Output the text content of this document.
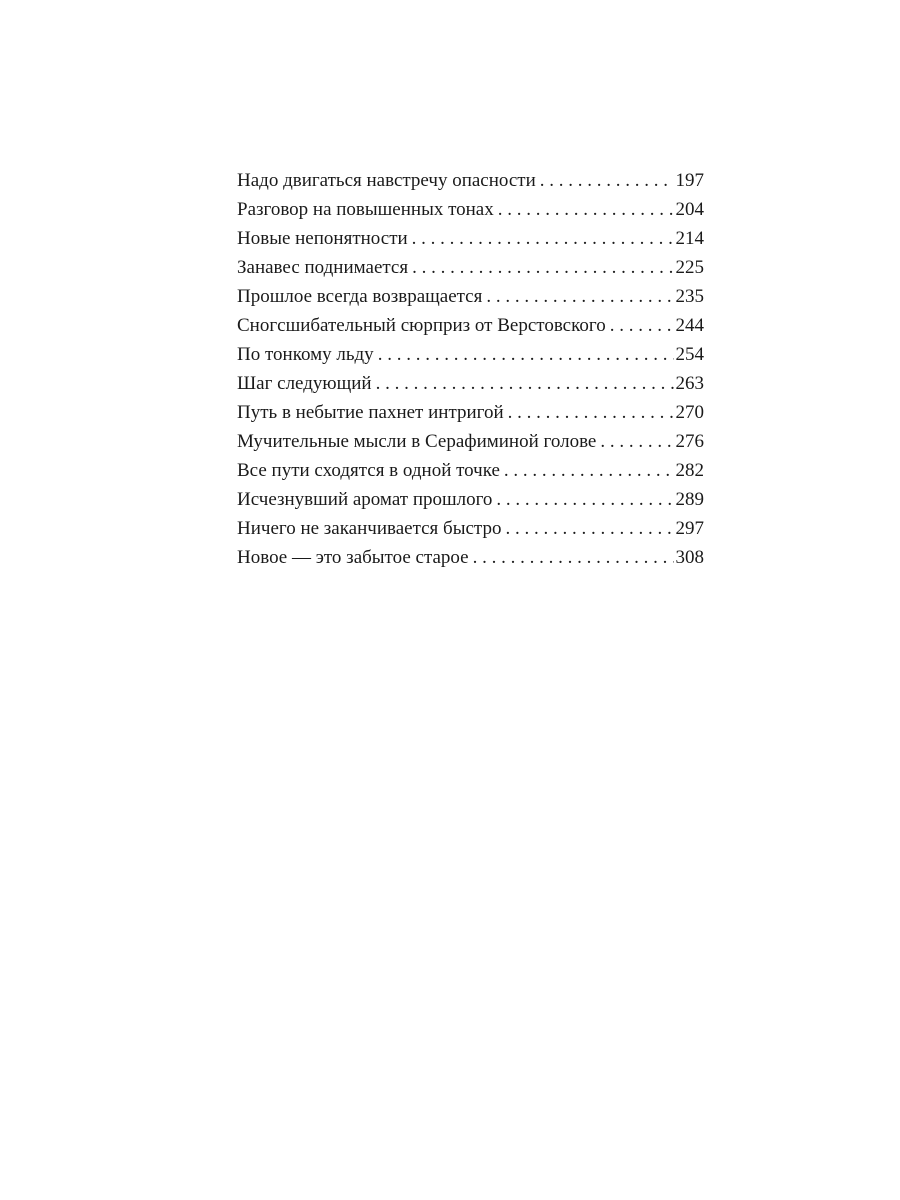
Надо двигаться навстречу опасности . . .	197
Разговор на повышенных тонах . . .	204
Новые непонятности . . .	214
Занавес поднимается . . .	225
Прошлое всегда возвращается . . .	235
Сногсшибательный сюрприз от Верстовского . . .	244
По тонкому льду . . .	254
Шаг следующий . . .	263
Путь в небытие пахнет интригой . . .	270
Мучительные мысли в Серафиминой голове . . .	276
Все пути сходятся в одной точке . . .	282
Исчезнувший аромат прошлого . . .	289
Ничего не заканчивается быстро . . .	297
Новое — это забытое старое . . .	308
